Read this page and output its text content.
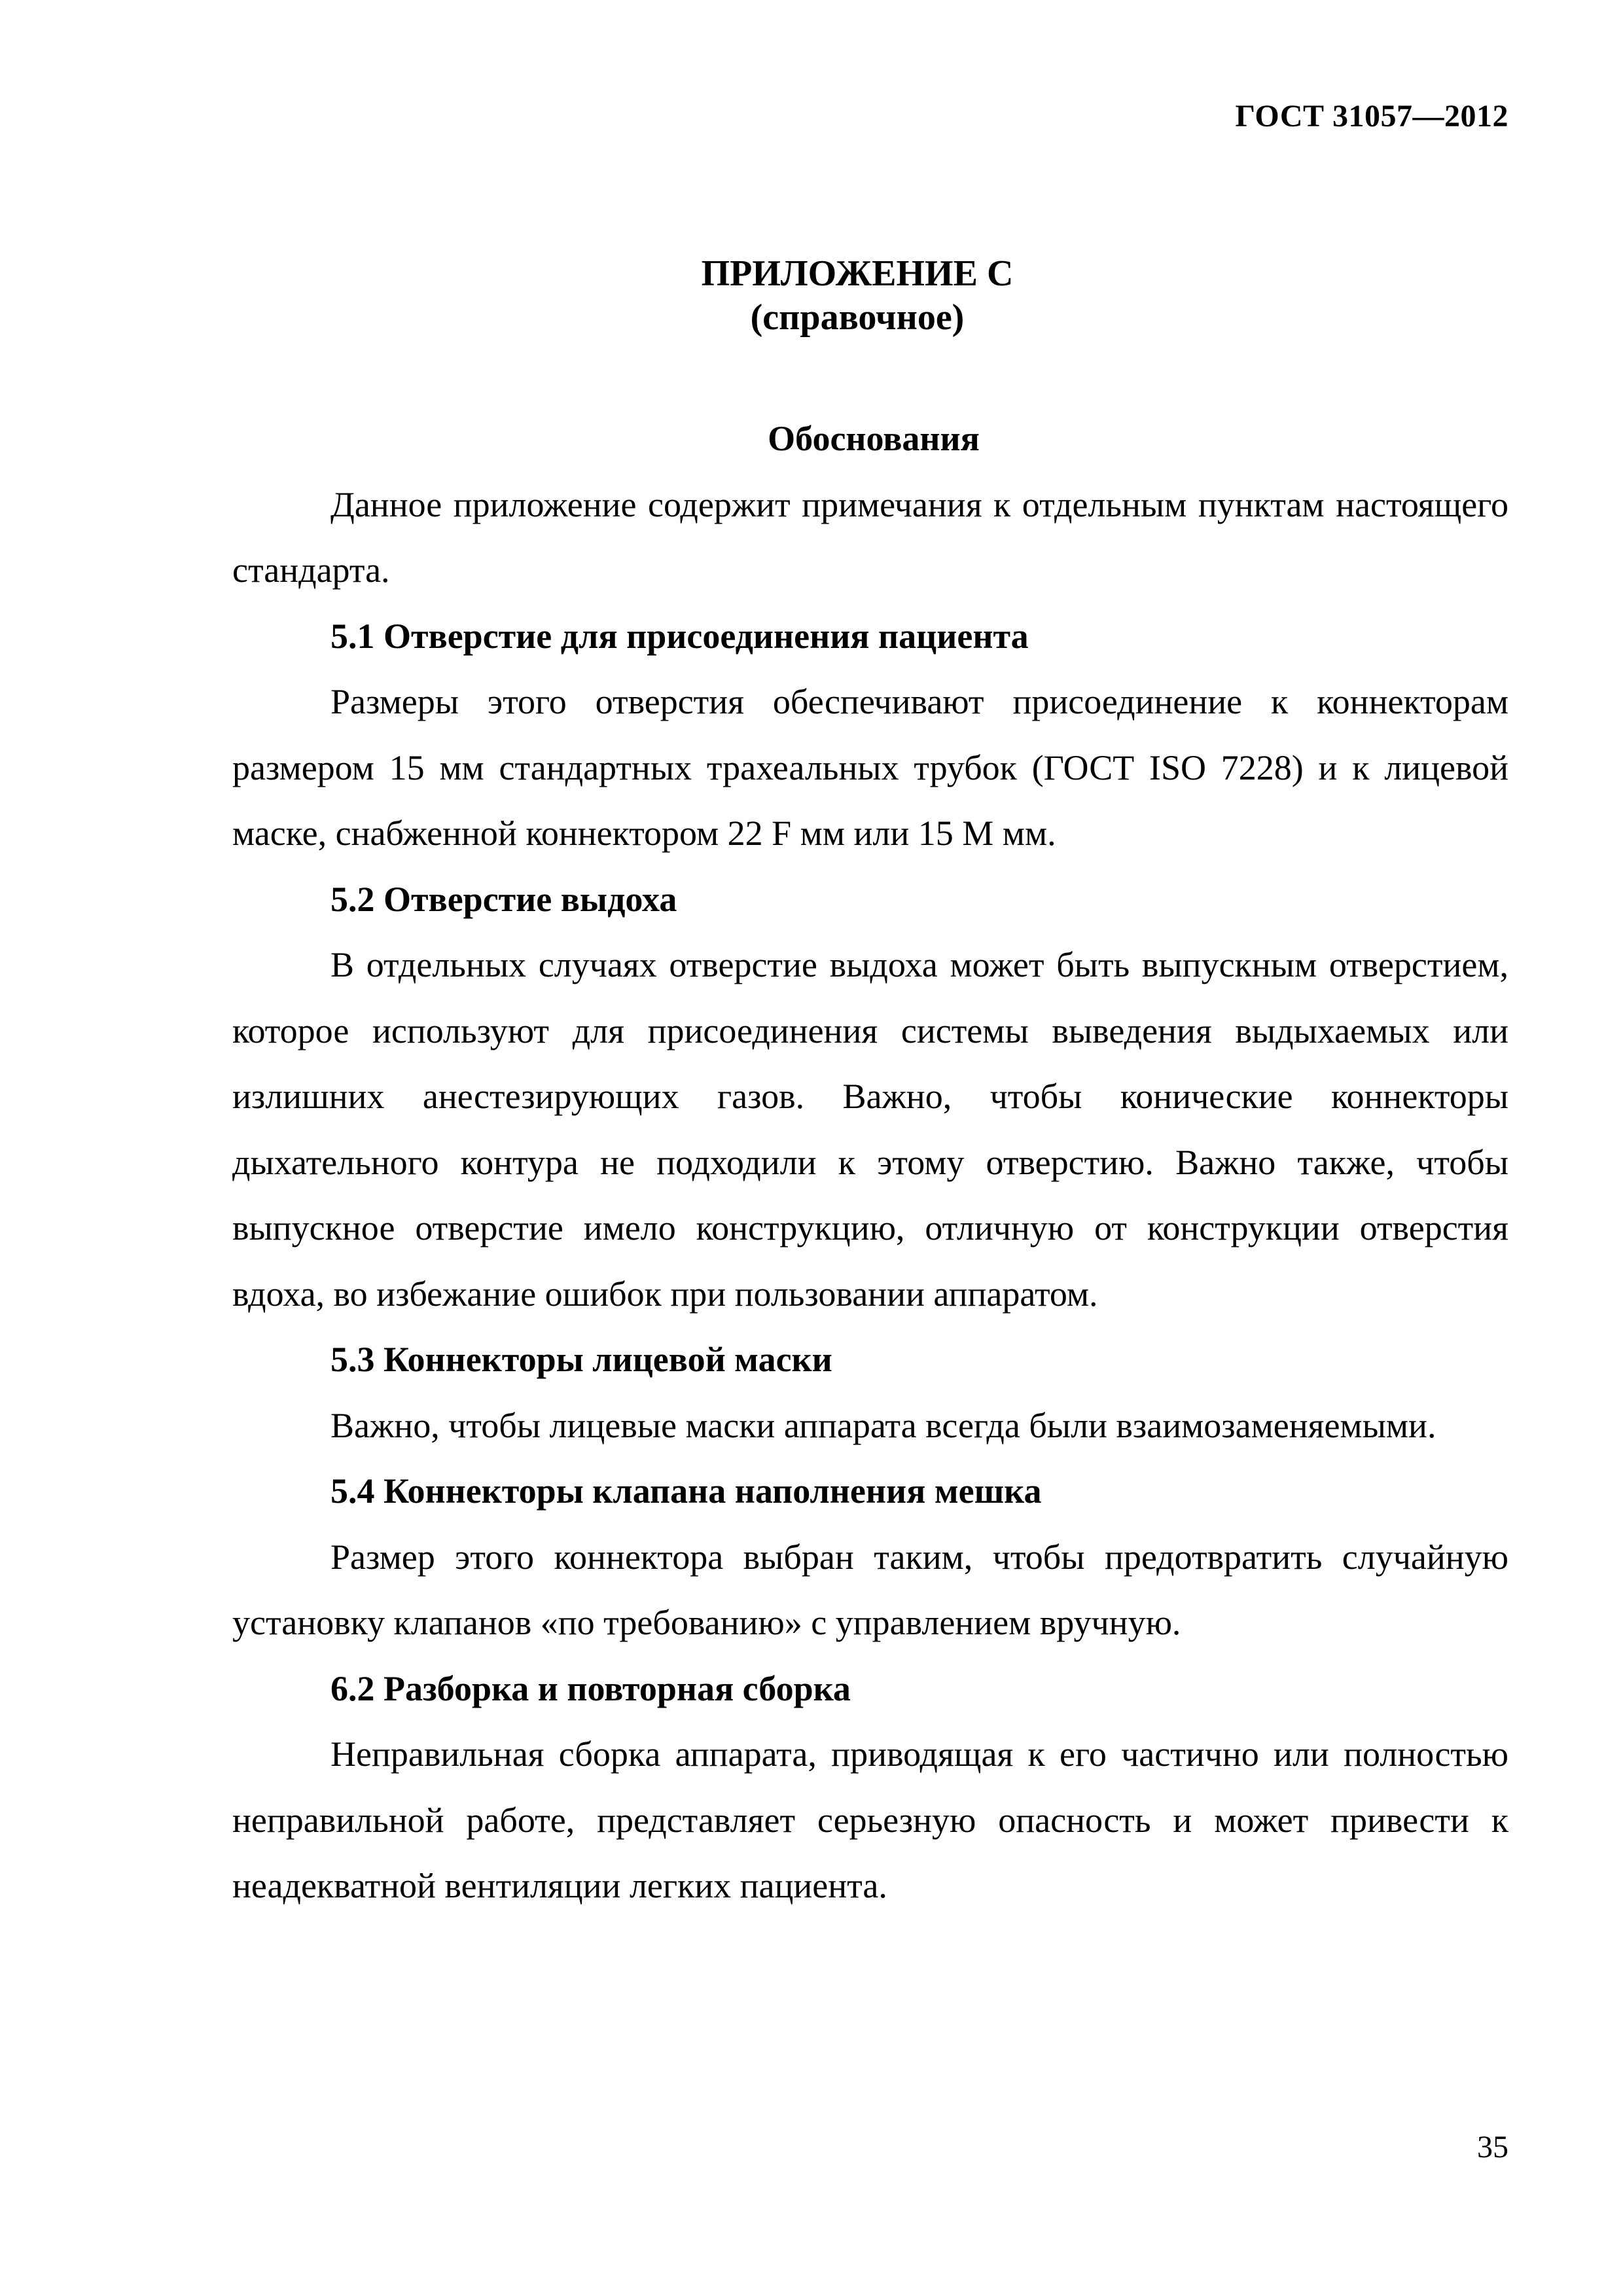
ГОСТ 31057—2012
ПРИЛОЖЕНИЕ С
(справочное)
Обоснования

Данное приложение содержит примечания к отдельным пунктам настоящего стандарта.

5.1 Отверстие для присоединения пациента

Размеры этого отверстия обеспечивают присоединение к коннекторам размером 15 мм стандартных трахеальных трубок (ГОСТ ISO 7228) и к лицевой маске, снабженной коннектором 22 F мм или 15 М мм.

5.2 Отверстие выдоха

В отдельных случаях отверстие выдоха может быть выпускным отверстием, которое используют для присоединения системы выведения выдыхаемых или излишних анестезирующих газов. Важно, чтобы конические коннекторы дыхательного контура не подходили к этому отверстию. Важно также, чтобы выпускное отверстие имело конструкцию, отличную от конструкции отверстия вдоха, во избежание ошибок при пользовании аппаратом.

5.3 Коннекторы лицевой маски

Важно, чтобы лицевые маски аппарата всегда были взаимозаменяемыми.

5.4 Коннекторы клапана наполнения мешка

Размер этого коннектора выбран таким, чтобы предотвратить случайную установку клапанов «по требованию» с управлением вручную.

6.2 Разборка и повторная сборка

Неправильная сборка аппарата, приводящая к его частично или полностью неправильной работе, представляет серьезную опасность и может привести к неадекватной вентиляции легких пациента.

35
